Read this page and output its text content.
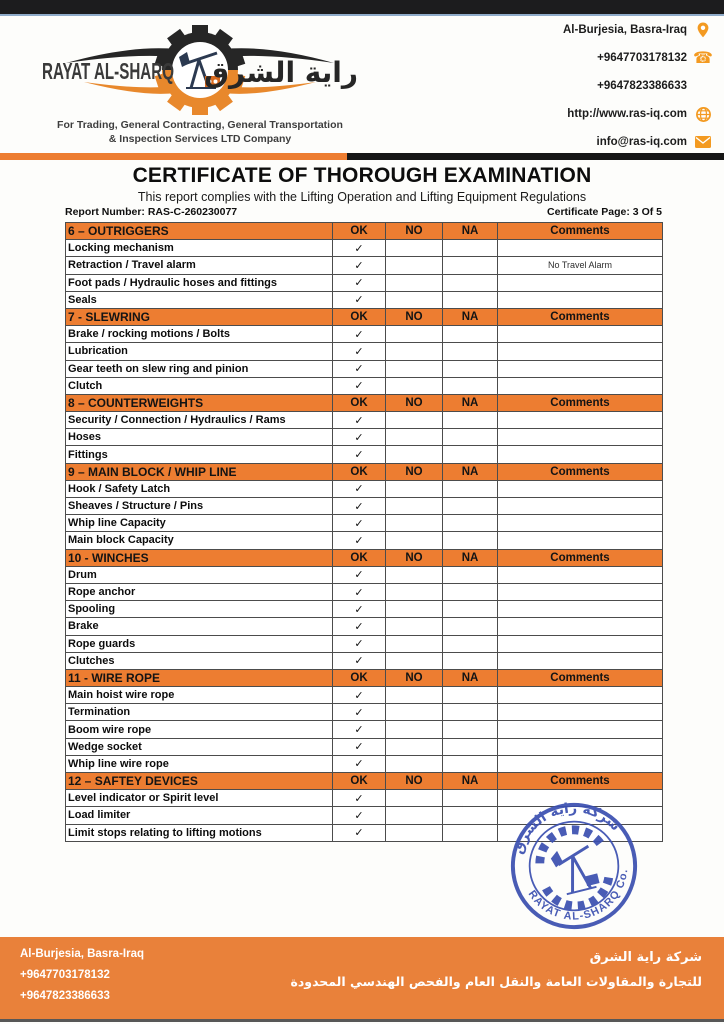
RAYAT AL-SHARQ راية الشرق
For Trading, General Contracting, General Transportation
& Inspection Services LTD Company
Al-Burjesia, Basra-Iraq
+9647703178132 ☎
+9647823386633
http://www.ras-iq.com
info@ras-iq.com
CERTIFICATE OF THOROUGH EXAMINATION
This report complies with the Lifting Operation and Lifting Equipment Regulations
Report Number: RAS-C-260230077	Certificate Page: 3 Of 5
6 – OUTRIGGERS	OK	NO	NA	Comments
Locking mechanism	✓			
Retraction / Travel alarm	✓			No Travel Alarm
Foot pads / Hydraulic hoses and fittings	✓			
Seals	✓			
7 - SLEWRING	OK	NO	NA	Comments
Brake / rocking motions / Bolts	✓			
Lubrication	✓			
Gear teeth on slew ring and pinion	✓			
Clutch	✓			
8 – COUNTERWEIGHTS	OK	NO	NA	Comments
Security / Connection / Hydraulics / Rams	✓			
Hoses	✓			
Fittings	✓			
9 – MAIN BLOCK / WHIP LINE	OK	NO	NA	Comments
Hook / Safety Latch	✓			
Sheaves / Structure / Pins	✓			
Whip line Capacity	✓			
Main block Capacity	✓			
10 - WINCHES	OK	NO	NA	Comments
Drum	✓			
Rope anchor	✓			
Spooling	✓			
Brake	✓			
Rope guards	✓			
Clutches	✓			
11 - WIRE ROPE	OK	NO	NA	Comments
Main hoist wire rope	✓			
Termination	✓			
Boom wire rope	✓			
Wedge socket	✓			
Whip line wire rope	✓			
12 – SAFTEY DEVICES	OK	NO	NA	Comments
Level indicator or Spirit level	✓			
Load limiter	✓			
Limit stops relating to lifting motions	✓			
شركة راية الشرق
RAYAT AL-SHARQ Co.
Al-Burjesia, Basra-Iraq
+9647703178132
+9647823386633
شركة راية الشرق
للتجارة والمقاولات العامة والنقل العام والفحص الهندسي المحدودة
